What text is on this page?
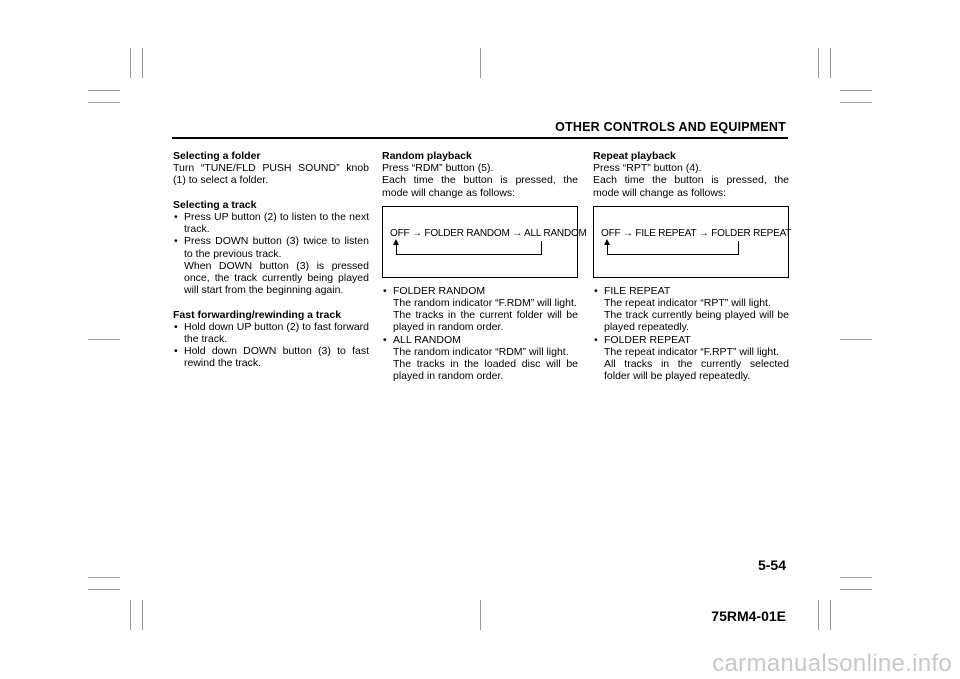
OTHER CONTROLS AND EQUIPMENT

Selecting a folder

Turn “TUNE/FLD PUSH SOUND” knob (1) to select a folder.

Selecting a track

• Press UP button (2) to listen to the next track.
• Press DOWN button (3) twice to listen to the previous track.
When DOWN button (3) is pressed once, the track currently being played will start from the beginning again.

Fast forwarding/rewinding a track

• Hold down UP button (2) to fast forward the track.
• Hold down DOWN button (3) to fast rewind the track.

Random playback

Press “RDM” button (5).

Each time the button is pressed, the mode will change as follows:

OFF → FOLDER RANDOM → ALL RANDOM
• FOLDER RANDOM
The random indicator “F.RDM” will light.
The tracks in the current folder will be played in random order.
• ALL RANDOM
The random indicator “RDM” will light.
The tracks in the loaded disc will be played in random order.

Repeat playback

Press “RPT” button (4).

Each time the button is pressed, the mode will change as follows:

OFF → FILE REPEAT → FOLDER REPEAT
• FILE REPEAT
The repeat indicator “RPT” will light.
The track currently being played will be played repeatedly.
• FOLDER REPEAT
The repeat indicator “F.RPT” will light.
All tracks in the currently selected folder will be played repeatedly.
5-54
75RM4-01E
carmanualsonline.info
